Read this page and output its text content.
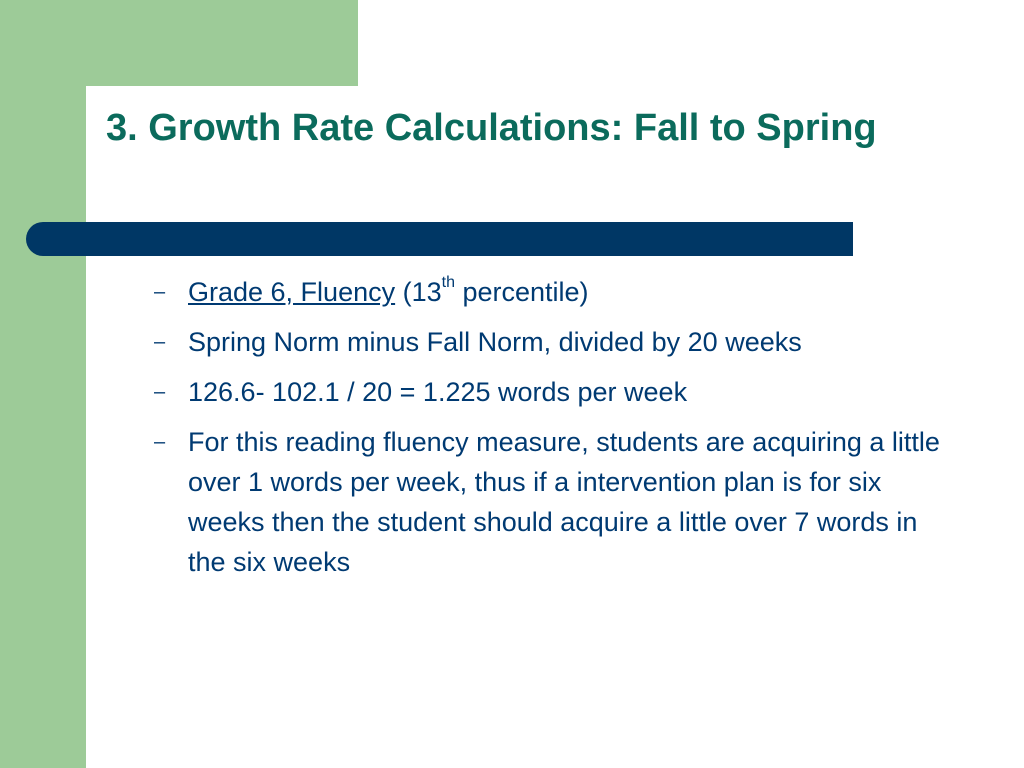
3. Growth Rate Calculations: Fall to Spring
– Grade 6, Fluency (13th percentile)
– Spring Norm minus Fall Norm, divided by 20 weeks
– 126.6- 102.1 / 20 = 1.225 words per week
– For this reading fluency measure, students are acquiring a little over 1 words per week, thus if a intervention plan is for six weeks then the student should acquire a little over 7 words in the six weeks
